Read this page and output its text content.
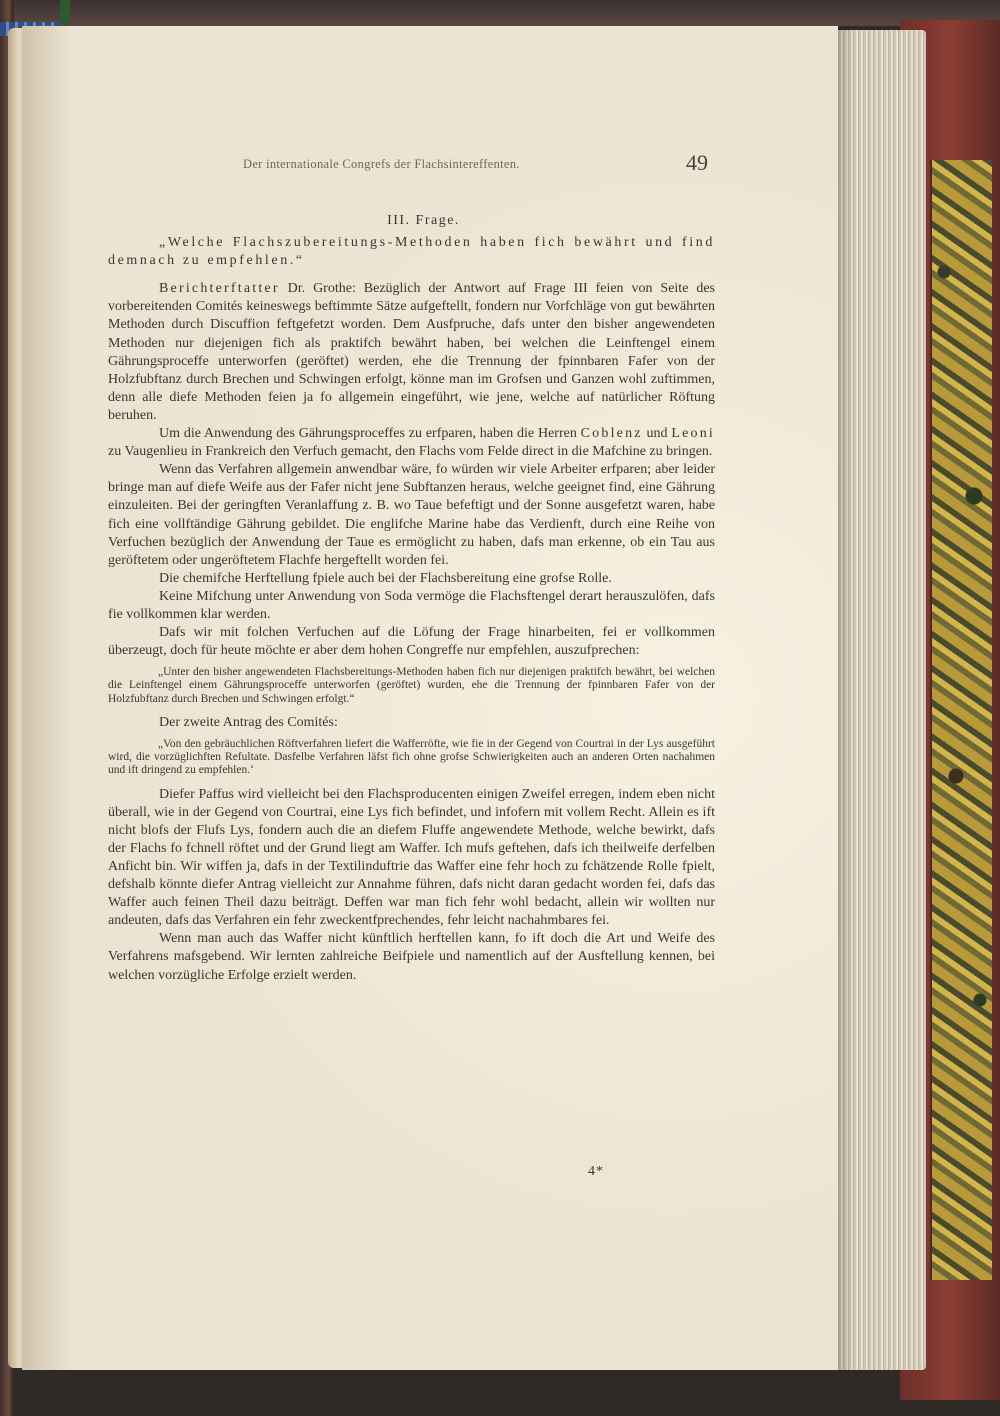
Der internationale Congrefs der Flachsintereffenten.	49

III. Frage.

„Welche Flachszubereitungs-Methoden haben fich bewährt und find demnach zu empfehlen.“

Berichterftatter Dr. Grothe: Bezüglich der Antwort auf Frage III feien von Seite des vorbereitenden Comités keineswegs beftimmte Sätze aufgeftellt, fondern nur Vorfchläge von gut bewährten Methoden durch Discuffion feftgefetzt worden. Dem Ausfpruche, dafs unter den bisher angewendeten Methoden nur diejenigen fich als praktifch bewährt haben, bei welchen die Leinftengel einem Gährungsproceffe unterworfen (geröftet) werden, ehe die Trennung der fpinnbaren Fafer von der Holzfubftanz durch Brechen und Schwingen erfolgt, könne man im Grofsen und Ganzen wohl zuftimmen, denn alle diefe Methoden feien ja fo allgemein eingeführt, wie jene, welche auf natürlicher Röftung beruhen.

Um die Anwendung des Gährungsproceffes zu erfparen, haben die Herren Coblenz und Leoni zu Vaugenlieu in Frankreich den Verfuch gemacht, den Flachs vom Felde direct in die Mafchine zu bringen.

Wenn das Verfahren allgemein anwendbar wäre, fo würden wir viele Arbeiter erfparen; aber leider bringe man auf diefe Weife aus der Fafer nicht jene Subftanzen heraus, welche geeignet find, eine Gährung einzuleiten. Bei der geringften Veranlaffung z. B. wo Taue befeftigt und der Sonne ausgefetzt waren, habe fich eine vollftändige Gährung gebildet. Die englifche Marine habe das Verdienft, durch eine Reihe von Verfuchen bezüglich der Anwendung der Taue es ermöglicht zu haben, dafs man erkenne, ob ein Tau aus geröftetem oder ungeröftetem Flachfe hergeftellt worden fei.

Die chemifche Herftellung fpiele auch bei der Flachsbereitung eine grofse Rolle.

Keine Mifchung unter Anwendung von Soda vermöge die Flachsftengel derart herauszulöfen, dafs fie vollkommen klar werden.

Dafs wir mit folchen Verfuchen auf die Löfung der Frage hinarbeiten, fei er vollkommen überzeugt, doch für heute möchte er aber dem hohen Congreffe nur empfehlen, auszufprechen:

„Unter den bisher angewendeten Flachsbereitungs-Methoden haben fich nur diejenigen praktifch bewährt, bei welchen die Leinftengel einem Gährungsproceffe unterworfen (geröftet) wurden, ehe die Trennung der fpinnbaren Fafer von der Holzfubftanz durch Brechen und Schwingen erfolgt.“

Der zweite Antrag des Comités:

„Von den gebräuchlichen Röftverfahren liefert die Wafferröfte, wie fie in der Gegend von Courtrai in der Lys ausgeführt wird, die vorzüglichften Refultate. Dasfelbe Verfahren läfst fich ohne grofse Schwierigkeiten auch an anderen Orten nachahmen und ift dringend zu empfehlen.‘

Diefer Paffus wird vielleicht bei den Flachsproducenten einigen Zweifel erregen, indem eben nicht überall, wie in der Gegend von Courtrai, eine Lys fich befindet, und infofern mit vollem Recht. Allein es ift nicht blofs der Flufs Lys, fondern auch die an diefem Fluffe angewendete Methode, welche bewirkt, dafs der Flachs fo fchnell röftet und der Grund liegt am Waffer. Ich mufs geftehen, dafs ich theilweife derfelben Anficht bin. Wir wiffen ja, dafs in der Textilinduftrie das Waffer eine fehr hoch zu fchätzende Rolle fpielt, defshalb könnte diefer Antrag vielleicht zur Annahme führen, dafs nicht daran gedacht worden fei, dafs das Waffer auch feinen Theil dazu beiträgt. Deffen war man fich fehr wohl bedacht, allein wir wollten nur andeuten, dafs das Verfahren ein fehr zweckentfprechendes, fehr leicht nachahmbares fei.

Wenn man auch das Waffer nicht künftlich herftellen kann, fo ift doch die Art und Weife des Verfahrens mafsgebend. Wir lernten zahlreiche Beifpiele und namentlich auf der Ausftellung kennen, bei welchen vorzügliche Erfolge erzielt werden.

4*
